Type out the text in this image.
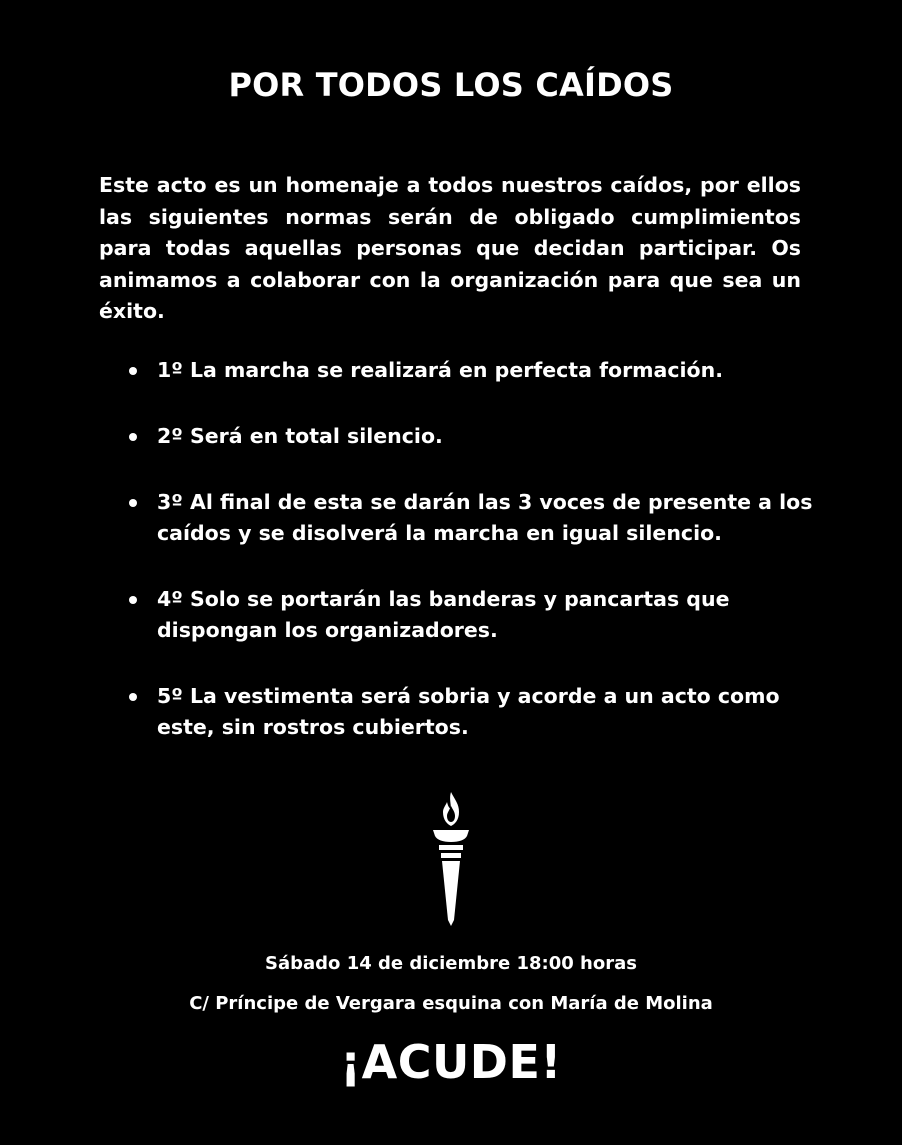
POR TODOS LOS CAÍDOS

Este acto es un homenaje a todos nuestros caídos, por ellos las siguientes normas serán de obligado cumplimientos para todas aquellas personas que decidan participar. Os animamos a colaborar con la organización para que sea un éxito.

1º La marcha se realizará en perfecta formación.
2º Será en total silencio.
3º Al final de esta se darán las 3 voces de presente a los caídos y se disolverá la marcha en igual silencio.
4º Solo se portarán las banderas y pancartas que dispongan los organizadores.
5º La vestimenta será sobria y acorde a un acto como este, sin rostros cubiertos.
Sábado 14 de diciembre 18:00 horas
C/ Príncipe de Vergara esquina con María de Molina
¡ACUDE!
